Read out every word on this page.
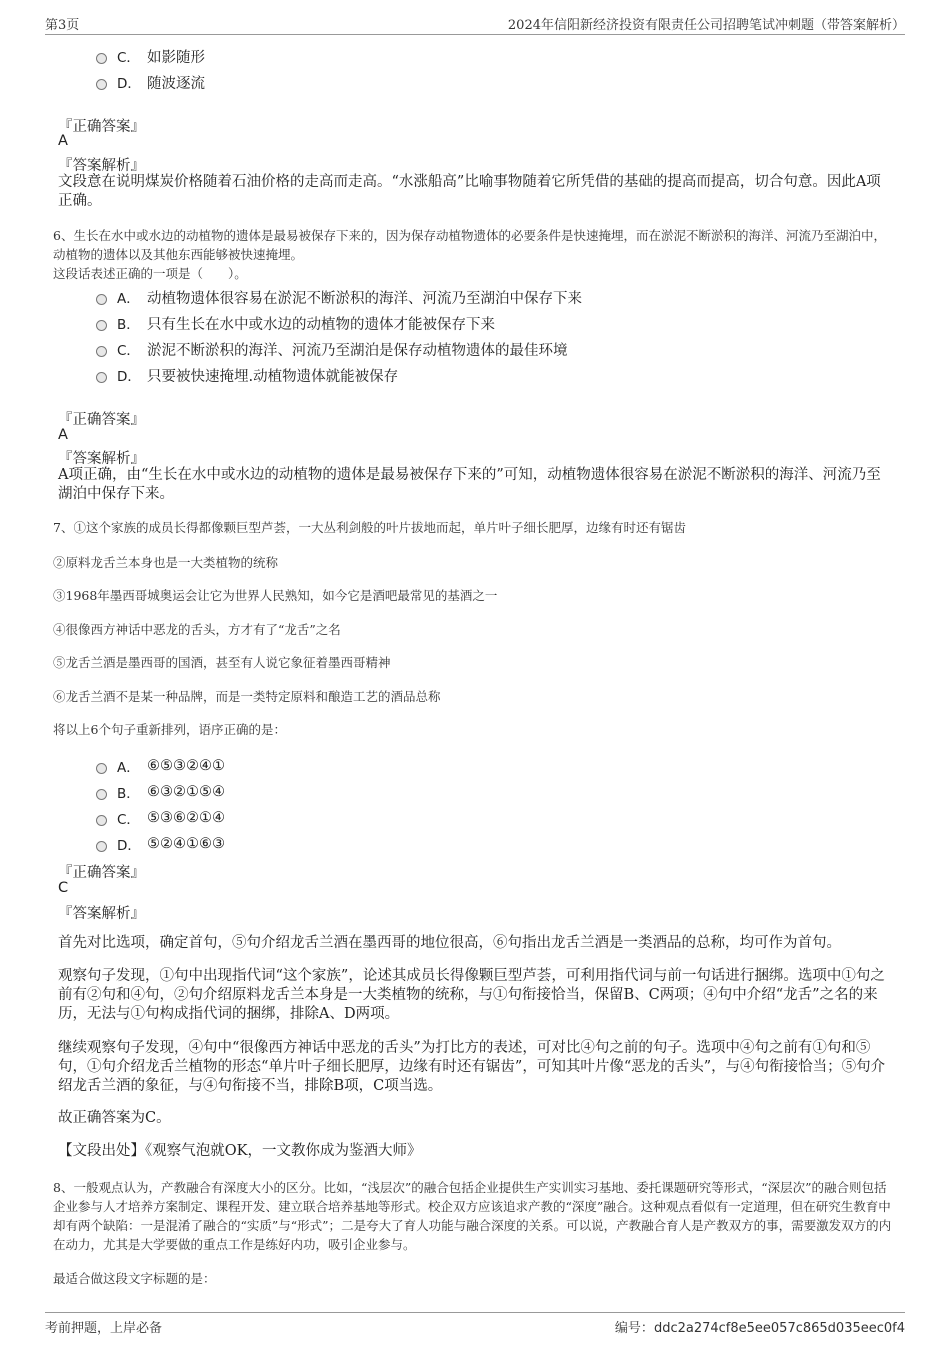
第3页	2024年信阳新经济投资有限责任公司招聘笔试冲刺题（带答案解析）
C． 如影随形
D． 随波逐流
『正确答案』
A
『答案解析』
文段意在说明煤炭价格随着石油价格的走高而走高。“水涨船高”比喻事物随着它所凭借的基础的提高而提高，切合句意。因此A项正确。
6、生长在水中或水边的动植物的遗体是最易被保存下来的，因为保存动植物遗体的必要条件是快速掩埋，而在淤泥不断淤积的海洋、河流乃至湖泊中，动植物的遗体以及其他东西能够被快速掩埋。
这段话表述正确的一项是（　　）。
A． 动植物遗体很容易在淤泥不断淤积的海洋、河流乃至湖泊中保存下来
B． 只有生长在水中或水边的动植物的遗体才能被保存下来
C． 淤泥不断淤积的海洋、河流乃至湖泊是保存动植物遗体的最佳环境
D． 只要被快速掩埋.动植物遗体就能被保存
『正确答案』
A
『答案解析』
A项正确，由“生长在水中或水边的动植物的遗体是最易被保存下来的”可知，动植物遗体很容易在淤泥不断淤积的海洋、河流乃至湖泊中保存下来。
7、①这个家族的成员长得都像颗巨型芦荟，一大丛利剑般的叶片拔地而起，单片叶子细长肥厚，边缘有时还有锯齿
②原料龙舌兰本身也是一大类植物的统称
③1968年墨西哥城奥运会让它为世界人民熟知，如今它是酒吧最常见的基酒之一
④很像西方神话中恶龙的舌头，方才有了“龙舌”之名
⑤龙舌兰酒是墨西哥的国酒，甚至有人说它象征着墨西哥精神
⑥龙舌兰酒不是某一种品牌，而是一类特定原料和酿造工艺的酒品总称
将以上6个句子重新排列，语序正确的是：
A． ⑥⑤③②④①
B． ⑥③②①⑤④
C． ⑤③⑥②①④
D． ⑤②④①⑥③
『正确答案』
C
『答案解析』
首先对比选项，确定首句，⑤句介绍龙舌兰酒在墨西哥的地位很高，⑥句指出龙舌兰酒是一类酒品的总称，均可作为首句。
观察句子发现，①句中出现指代词“这个家族”，论述其成员长得像颗巨型芦荟，可利用指代词与前一句话进行捆绑。选项中①句之前有②句和④句，②句介绍原料龙舌兰本身是一大类植物的统称，与①句衔接恰当，保留B、C两项；④句中介绍“龙舌”之名的来历，无法与①句构成指代词的捆绑，排除A、D两项。
继续观察句子发现，④句中“很像西方神话中恶龙的舌头”为打比方的表述，可对比④句之前的句子。选项中④句之前有①句和⑤句，①句介绍龙舌兰植物的形态“单片叶子细长肥厚，边缘有时还有锯齿”，可知其叶片像“恶龙的舌头”，与④句衔接恰当；⑤句介绍龙舌兰酒的象征，与④句衔接不当，排除B项，C项当选。
故正确答案为C。
【文段出处】《观察气泡就OK，一文教你成为鉴酒大师》
8、一般观点认为，产教融合有深度大小的区分。比如，“浅层次”的融合包括企业提供生产实训实习基地、委托课题研究等形式，“深层次”的融合则包括企业参与人才培养方案制定、课程开发、建立联合培养基地等形式。校企双方应该追求产教的“深度”融合。这种观点看似有一定道理，但在研究生教育中却有两个缺陷：一是混淆了融合的“实质”与“形式”；二是夸大了育人功能与融合深度的关系。可以说，产教融合育人是产教双方的事，需要激发双方的内在动力，尤其是大学要做的重点工作是练好内功，吸引企业参与。
最适合做这段文字标题的是：
考前押题，上岸必备	编号：ddc2a274cf8e5ee057c865d035eec0f4
